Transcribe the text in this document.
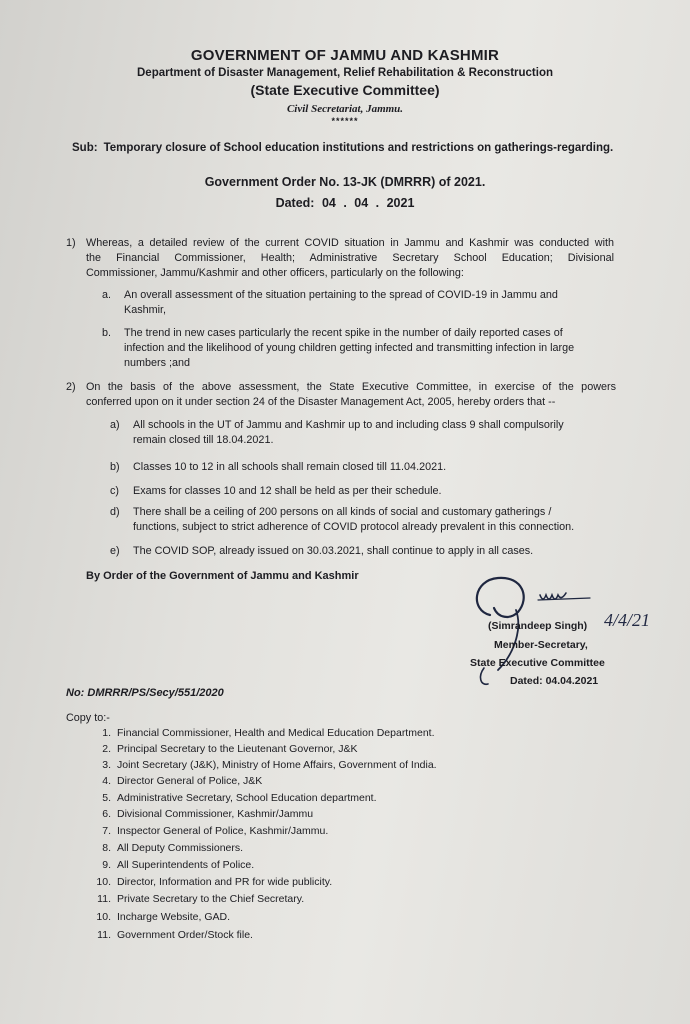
GOVERNMENT OF JAMMU AND KASHMIR
Department of Disaster Management, Relief Rehabilitation & Reconstruction
(State Executive Committee)
Civil Secretariat, Jammu.
******
Sub: Temporary closure of School education institutions and restrictions on gatherings-regarding.
Government Order No. 13-JK (DMRRR) of 2021.
Dated: 04 . 04 . 2021
1) Whereas, a detailed review of the current COVID situation in Jammu and Kashmir was conducted with
the Financial Commissioner, Health; Administrative Secretary School Education; Divisional
Commissioner, Jammu/Kashmir and other officers, particularly on the following:
a. An overall assessment of the situation pertaining to the spread of COVID-19 in Jammu and
Kashmir,
b. The trend in new cases particularly the recent spike in the number of daily reported cases of
infection and the likelihood of young children getting infected and transmitting infection in large
numbers ;and
2) On the basis of the above assessment, the State Executive Committee, in exercise of the powers
conferred upon on it under section 24 of the Disaster Management Act, 2005, hereby orders that --
a) All schools in the UT of Jammu and Kashmir up to and including class 9 shall compulsorily
remain closed till 18.04.2021.
b) Classes 10 to 12 in all schools shall remain closed till 11.04.2021.
c) Exams for classes 10 and 12 shall be held as per their schedule.
d) There shall be a ceiling of 200 persons on all kinds of social and customary gatherings /
functions, subject to strict adherence of COVID protocol already prevalent in this connection.
e) The COVID SOP, already issued on 30.03.2021, shall continue to apply in all cases.
By Order of the Government of Jammu and Kashmir
4/4/21
(Simrandeep Singh)
Member-Secretary,
State Executive Committee
Dated: 04.04.2021
No: DMRRR/PS/Secy/551/2020
Copy to:-
1. Financial Commissioner, Health and Medical Education Department.
2. Principal Secretary to the Lieutenant Governor, J&K
3. Joint Secretary (J&K), Ministry of Home Affairs, Government of India.
4. Director General of Police, J&K
5. Administrative Secretary, School Education department.
6. Divisional Commissioner, Kashmir/Jammu
7. Inspector General of Police, Kashmir/Jammu.
8. All Deputy Commissioners.
9. All Superintendents of Police.
10. Director, Information and PR for wide publicity.
11. Private Secretary to the Chief Secretary.
10. Incharge Website, GAD.
11. Government Order/Stock file.
